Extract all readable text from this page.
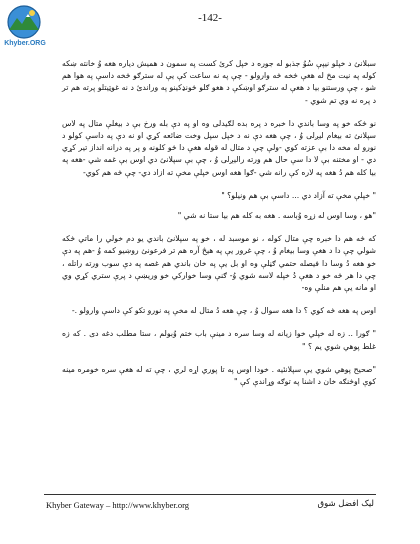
Khyber.ORG
-142-

سبلانئ د خپلو نيپې سُوُ جذبو له جوره د خپل کرئ کست په سمون د همیش دیاره هغه وُ خانته ښکه کوله په نيت مخ له هغې څخه څه وارولو - چې په نه ساعت کې يې له سترګو څخه داسې په هوا هم شو ، چې ورستنو بيا د هغې له سترګو اوښکې د هغو ګلو څونډکينو په وراندئ د نه غوټيتلو پرته هم تر د پره نه وي تم شوي -

نو څکه خو په وسا باندي دا خبره د پره بده لګيدلی وه او په دې بله ورخ بې د بيغلې متال په لاس سپلانئ ته بيغام ليږلی وُ ، چې هغه دې نه د خپل سپل وخت ضائعه کړي او نه دې په داسې کولو د نورو له مخه دا بې عزته کوي -ولې چې د متال له قوله هغې دا څو کلونه و پر په درانه انداز تیر کړي دي - او مختنه بې لا دا سې حال هم ورته راليږلی وُ ، چې بې سپلانئ دي اوس بې غمه شي -هغه په بيا کله هم دُ هغه په لاره کې رانه شي -ګوا هغه اوس خپلې مخې ته ازاد دي- چې څه هم کوي-

" خپلې مخې ته آزاد دي ... داسې بې هم ونيلو؟ "

"هو ، وسا اوس له زړه وُباسه . هغه به کله هم بيا ستا نه شي "

که څه هم دا خبره چې متال کوله ، نو موسبد له ، خو په سپلانئ باندي يو دم خولي را ماتي څکه شولي چې دا د هغې وسا بیغام وُ ، چې غرور يې په هيڅ آره هم تر فرعونئ روښيو کمه وُ -هم په دې خو هغه دُ وسا دا فيصله حتمي ګڼلې وه او بل يې په خان باندي هم غصه په دې سوب ورته راتله ، چې دا هر څه خو د هغې دُ خپله لاسه شوي وُ- ګنې وسا خوارکي خو وريښې د پرې ستري کړي وي او مانه يې هم منلې وه-

اوس په هغه څه کوي ؟ دا هغه سوال وُ ، چې هغه دُ متال له مخې په نورو تکو کې داسې وارولو .-

" ګورا .. زه له خپلي خوا زيانه له وسا سره د مينې باب ختم وُبولم ، ستا مطلب دغه دی . که زه غلط پوهي شوي يم ؟ "

"صحيح پوهي شوي يې سپلانئيه . خودا اوس په تا پوري اړه لري ، چې ته له هغې سره خومره مینه کوې اوڅنګه خان د اشنا په توګه وړاندې کې "

Khyber Gateway – http://www.khyber.org	ليک افضل شوق
